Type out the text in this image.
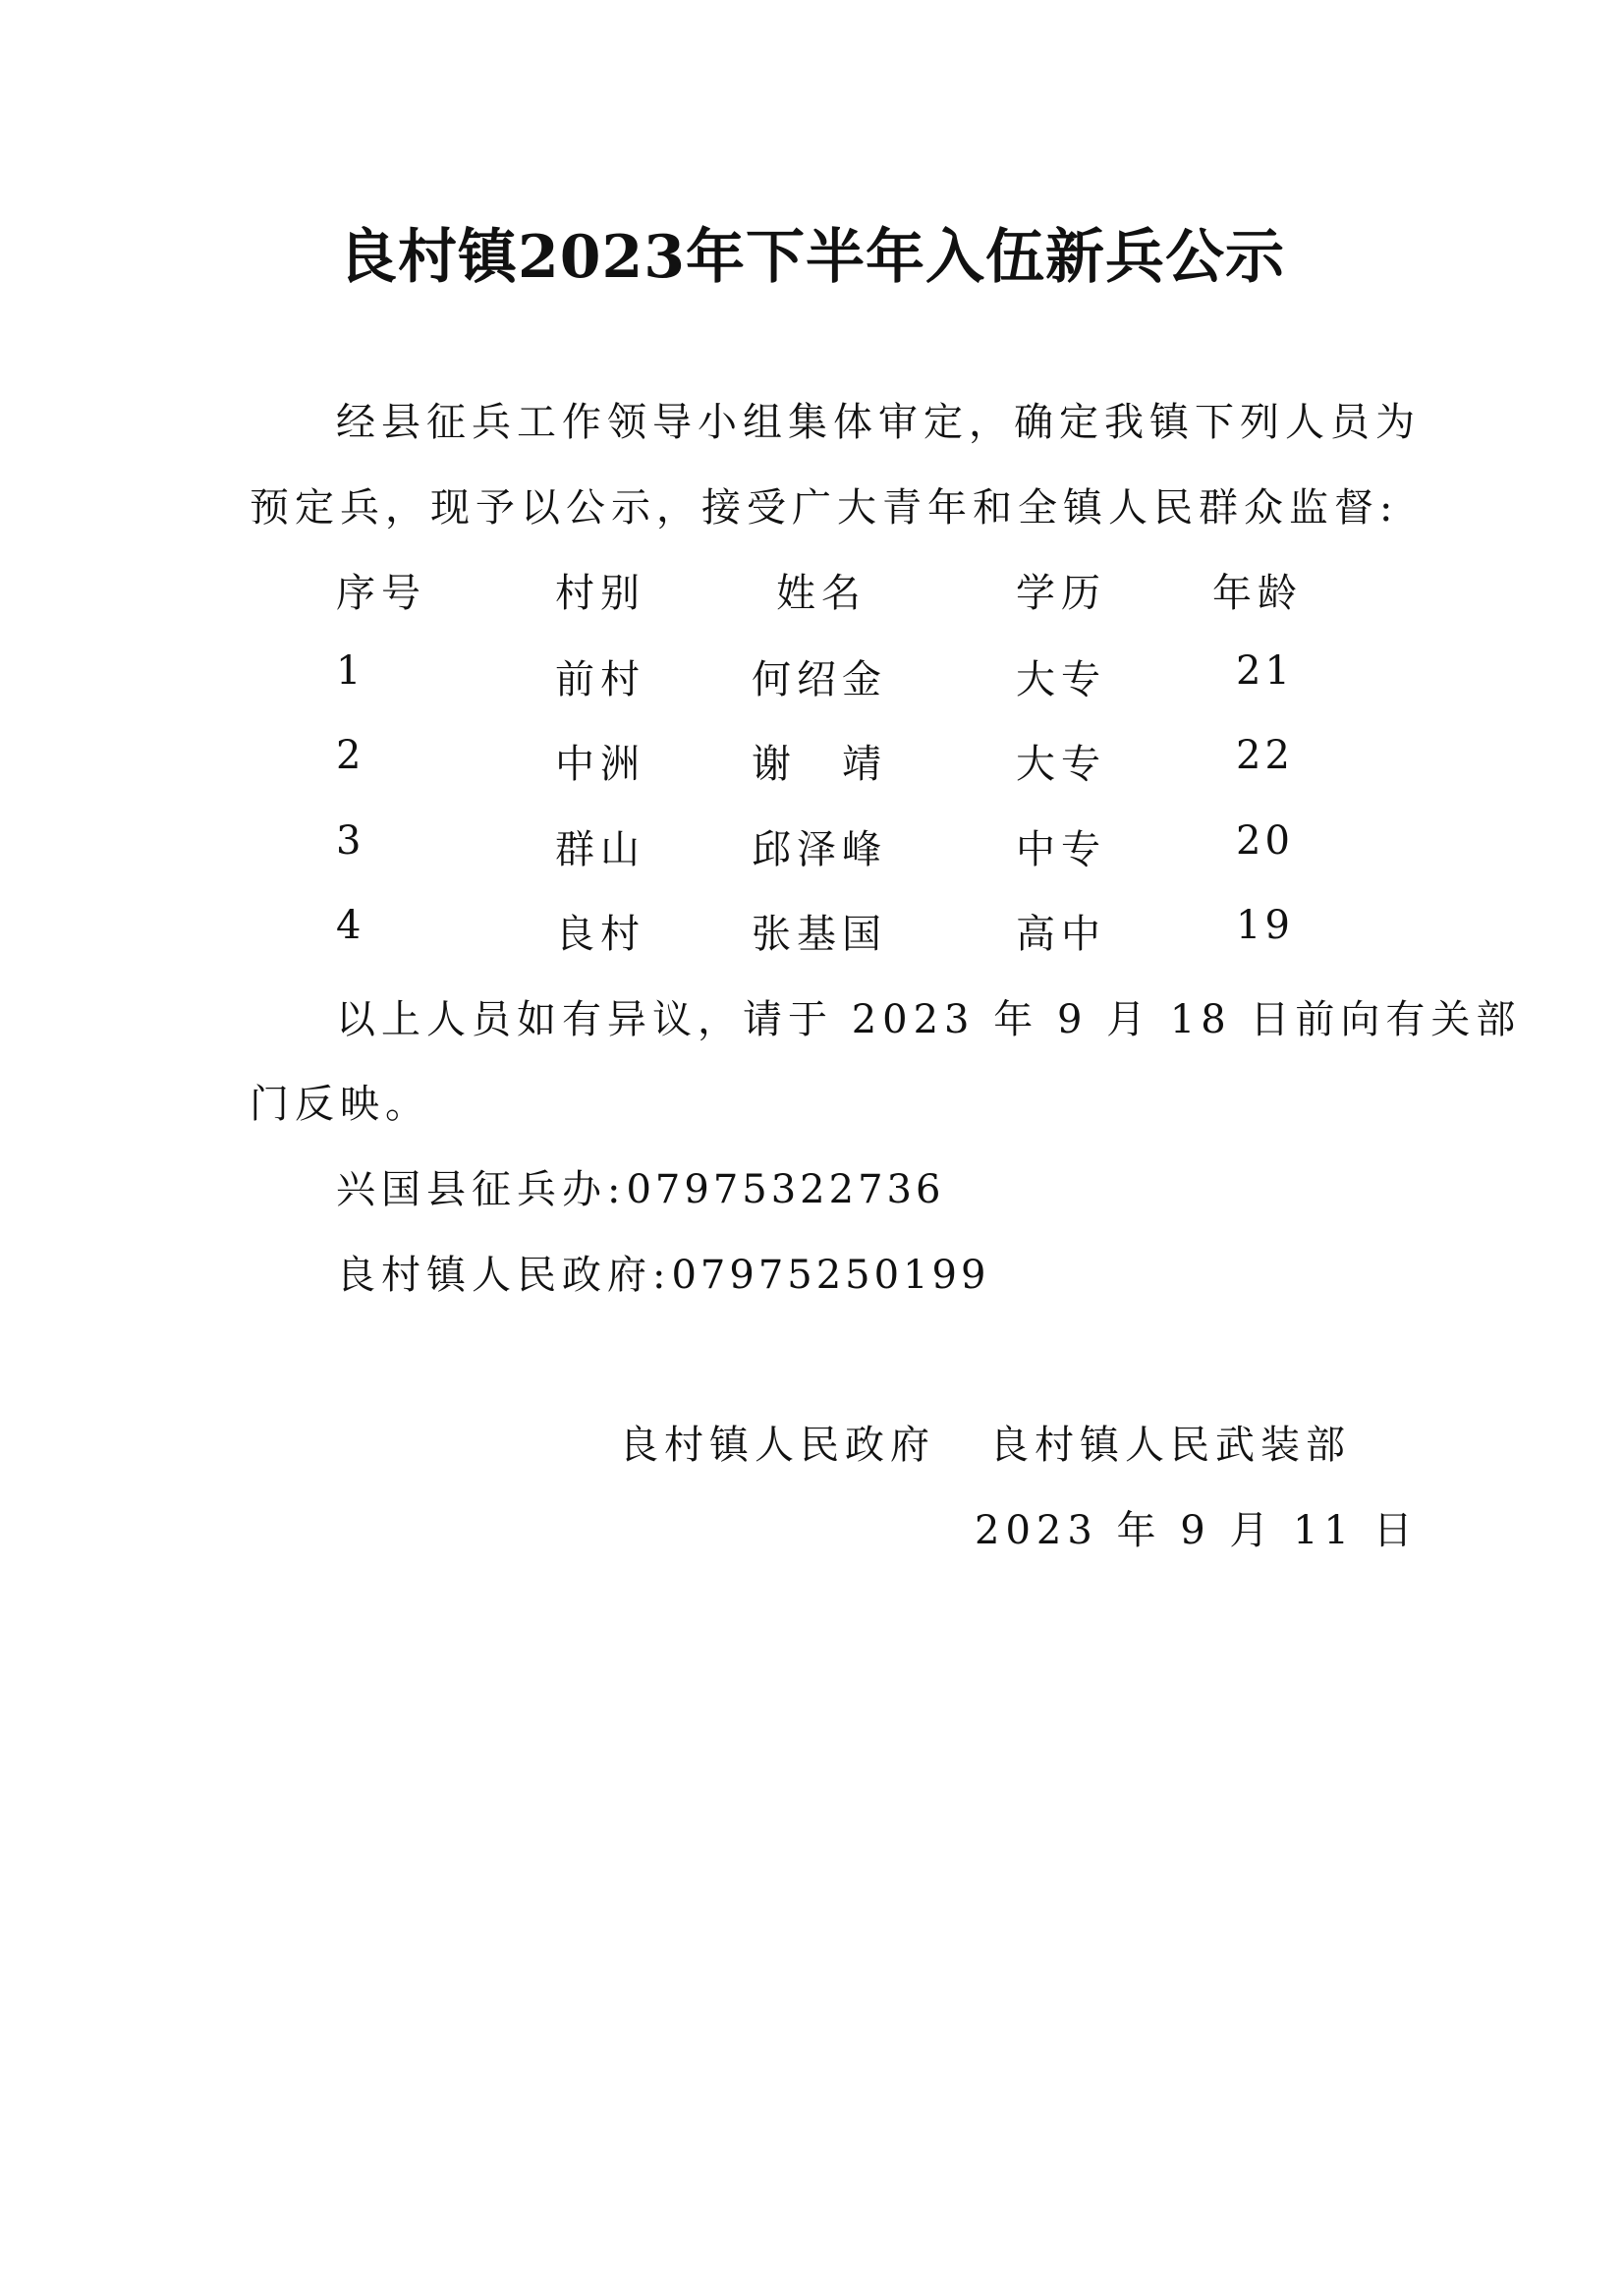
良村镇2023年下半年入伍新兵公示
经县征兵工作领导小组集体审定，确定我镇下列人员为
预定兵，现予以公示，接受广大青年和全镇人民群众监督:
序号	村别	姓名	学历	年龄
1	前村	何绍金	大专	21
2	中洲	谢　靖	大专	22
3	群山	邱泽峰	中专	20
4	良村	张基国	高中	19
以上人员如有异议，请于 2023 年 9 月 18 日前向有关部
门反映。
兴国县征兵办:07975322736
良村镇人民政府:07975250199
良村镇人民政府 良村镇人民武装部
2023 年 9 月 11 日
